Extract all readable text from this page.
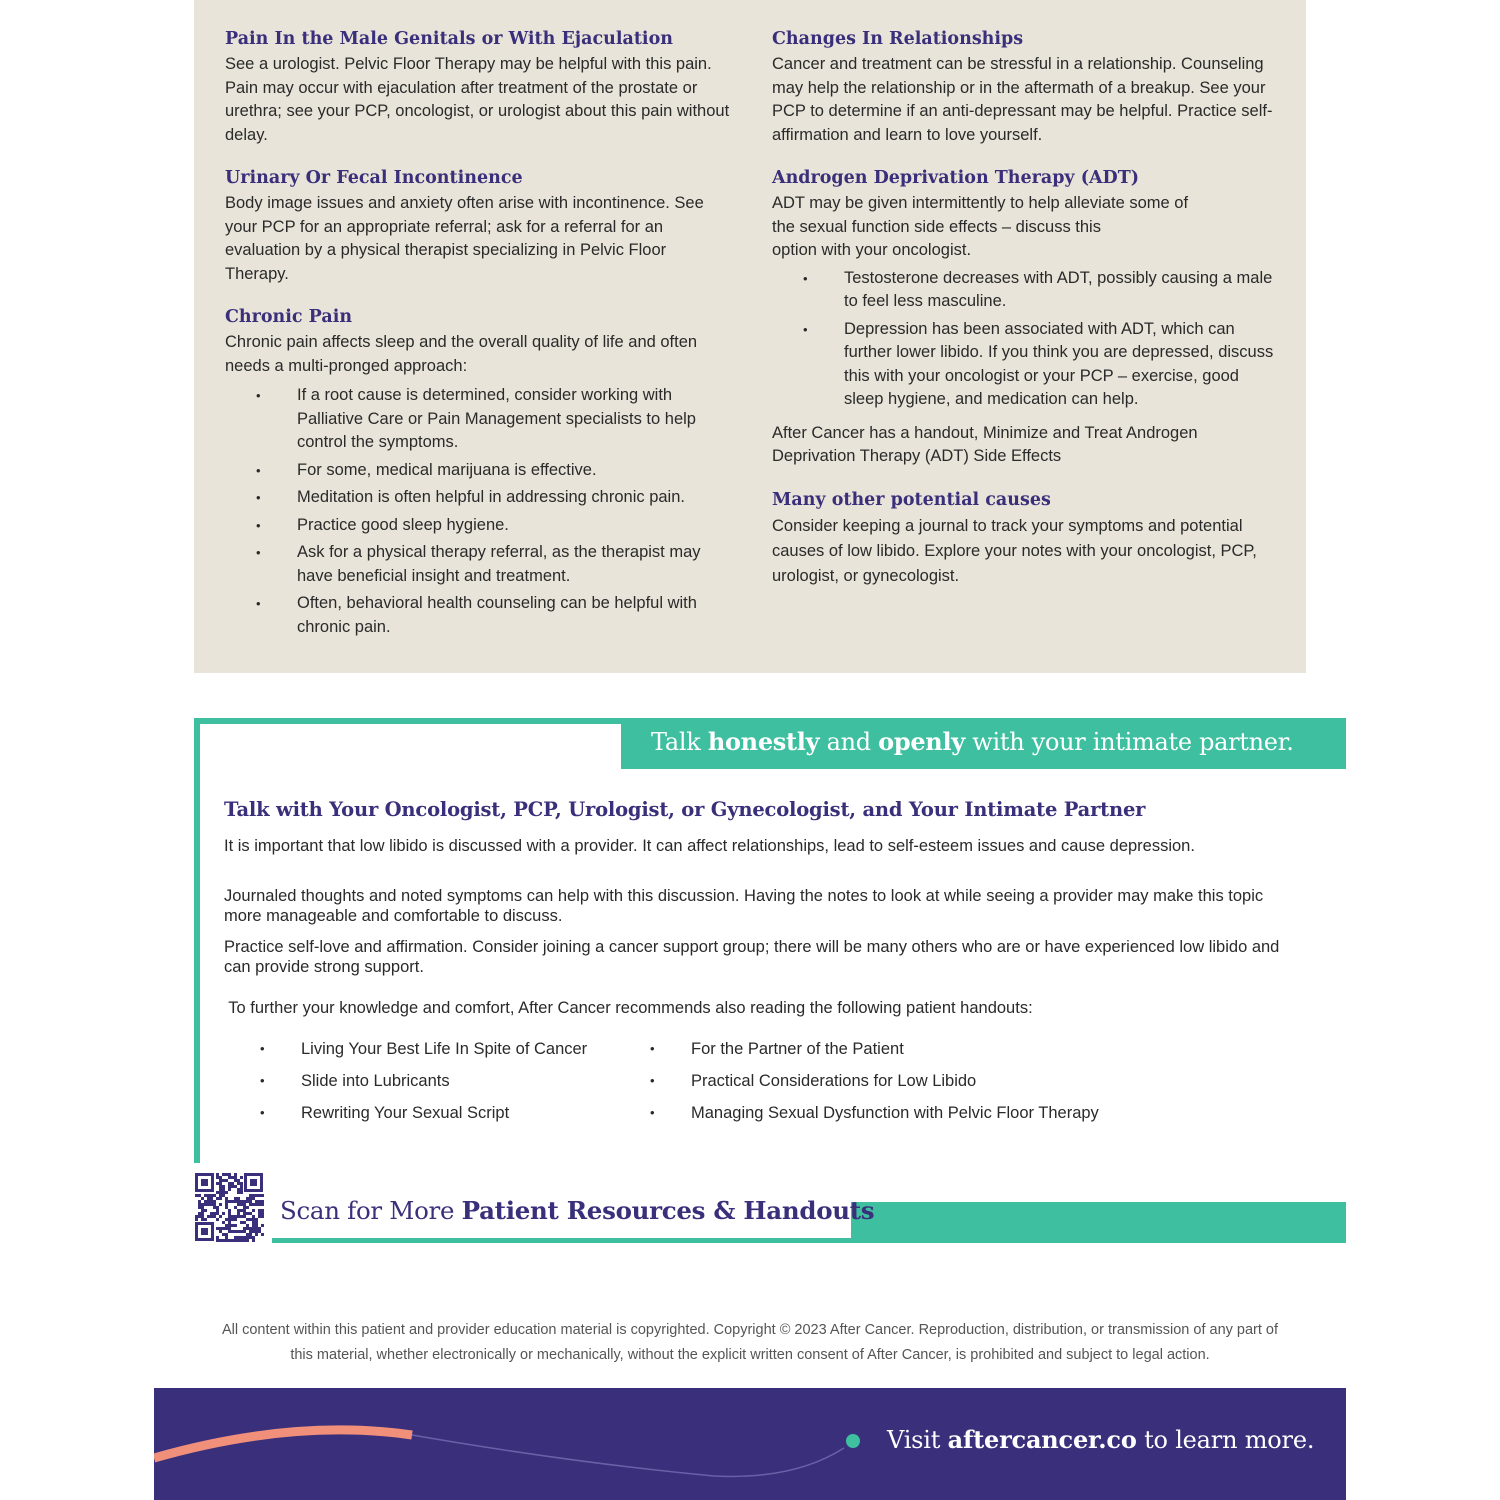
Pain In the Male Genitals or With Ejaculation

See a urologist. Pelvic Floor Therapy may be helpful with this pain. Pain may occur with ejaculation after treatment of the prostate or urethra; see your PCP, oncologist, or urologist about this pain without delay.

Urinary Or Fecal Incontinence

Body image issues and anxiety often arise with incontinence. See your PCP for an appropriate referral; ask for a referral for an evaluation by a physical therapist specializing in Pelvic Floor Therapy.

Chronic Pain

Chronic pain affects sleep and the overall quality of life and often needs a multi-pronged approach:

• If a root cause is determined, consider working with Palliative Care or Pain Management specialists to help control the symptoms.
• For some, medical marijuana is effective.
• Meditation is often helpful in addressing chronic pain.
• Practice good sleep hygiene.
• Ask for a physical therapy referral, as the therapist may have beneficial insight and treatment.
• Often, behavioral health counseling can be helpful with chronic pain.
Changes In Relationships

Cancer and treatment can be stressful in a relationship. Counseling may help the relationship or in the aftermath of a breakup. See your PCP to determine if an anti-depressant may be helpful. Practice self- affirmation and learn to love yourself.

Androgen Deprivation Therapy (ADT)

ADT may be given intermittently to help alleviate some of the sexual function side effects – discuss this

option with your oncologist.

• Testosterone decreases with ADT, possibly causing a male to feel less masculine.
• Depression has been associated with ADT, which can further lower libido. If you think you are depressed, discuss this with your oncologist or your PCP – exercise, good sleep hygiene, and medication can help.

After Cancer has a handout, Minimize and Treat Androgen Deprivation Therapy (ADT) Side Effects

Many other potential causes

Consider keeping a journal to track your symptoms and potential causes of low libido. Explore your notes with your oncologist, PCP, urologist, or gynecologist.

Talk honestly and openly with your intimate partner.
Talk with Your Oncologist, PCP, Urologist, or Gynecologist, and Your Intimate Partner

It is important that low libido is discussed with a provider. It can affect relationships, lead to self-esteem issues and cause depression.

Journaled thoughts and noted symptoms can help with this discussion. Having the notes to look at while seeing a provider may make this topic more manageable and comfortable to discuss.

Practice self-love and affirmation. Consider joining a cancer support group; there will be many others who are or have experienced low libido and can provide strong support.

To further your knowledge and comfort, After Cancer recommends also reading the following patient handouts:

• Living Your Best Life In Spite of Cancer
• Slide into Lubricants
• Rewriting Your Sexual Script
• For the Partner of the Patient
• Practical Considerations for Low Libido
• Managing Sexual Dysfunction with Pelvic Floor Therapy
Scan for More Patient Resources & Handouts
All content within this patient and provider education material is copyrighted. Copyright © 2023 After Cancer. Reproduction, distribution, or transmission of any part of
this material, whether electronically or mechanically, without the explicit written consent of After Cancer, is prohibited and subject to legal action.
Visit aftercancer.co to learn more.
